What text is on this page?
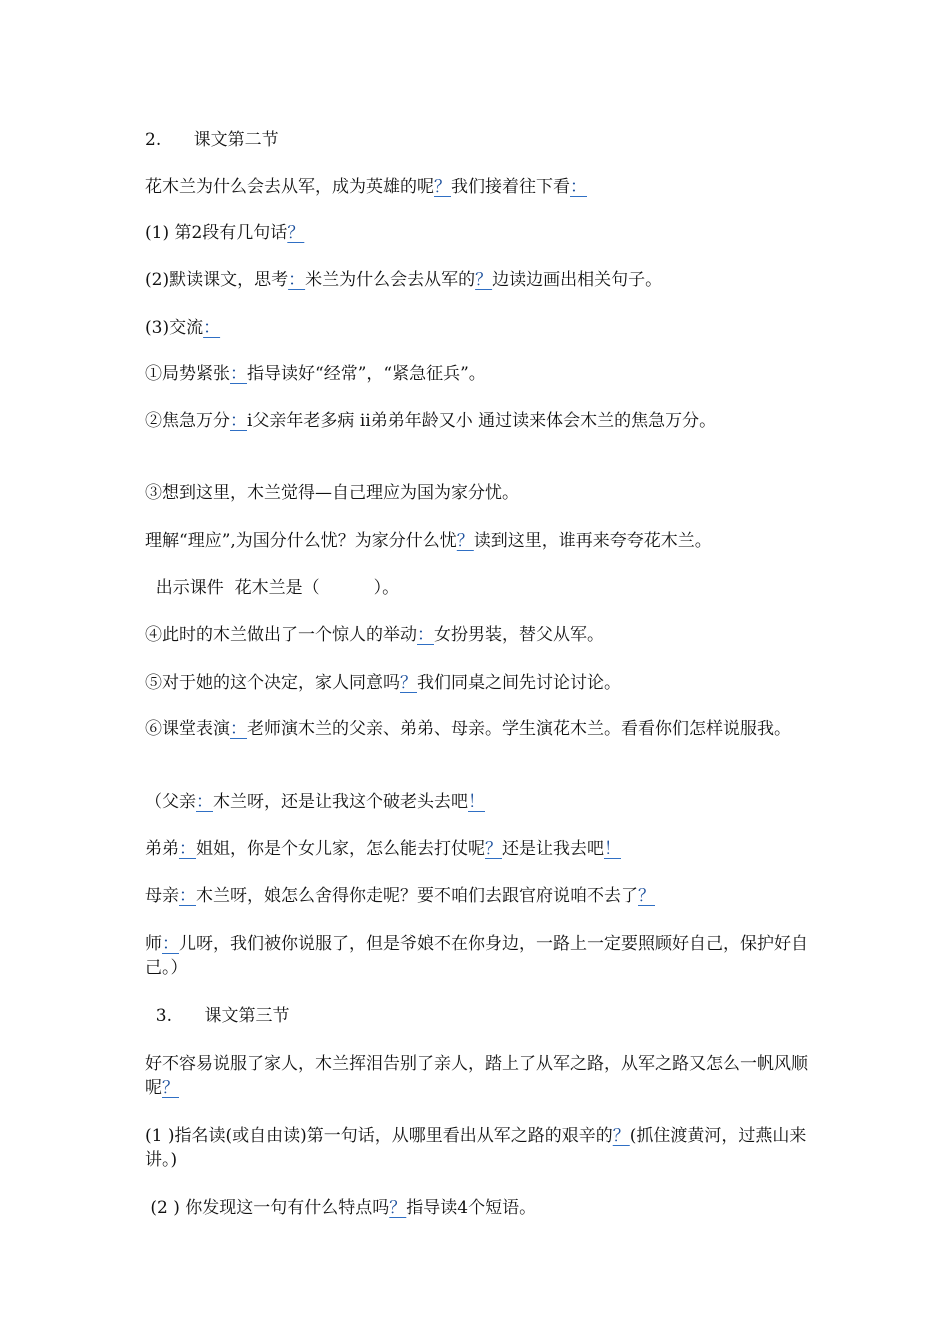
2.      课文第二节
花木兰为什么会去从军，成为英雄的呢？我们接着往下看：
(1) 第2段有几句话？
(2)默读课文，思考：米兰为什么会去从军的？边读边画出相关句子。
(3)交流：
①局势紧张：指导读好“经常”，“紧急征兵”。
②焦急万分：ⅰ父亲年老多病 ⅱ弟弟年龄又小 通过读来体会木兰的焦急万分。
③想到这里，木兰觉得—自己理应为国为家分忧。
理解“理应”,为国分什么忧？为家分什么忧？读到这里，谁再来夸夸花木兰。
出示课件  花木兰是（          ）。
④此时的木兰做出了一个惊人的举动：女扮男装，替父从军。
⑤对于她的这个决定，家人同意吗？我们同桌之间先讨论讨论。
⑥课堂表演：老师演木兰的父亲、弟弟、母亲。学生演花木兰。看看你们怎样说服我。
（父亲：木兰呀，还是让我这个破老头去吧！
弟弟：姐姐，你是个女儿家，怎么能去打仗呢？还是让我去吧！
母亲：木兰呀，娘怎么舍得你走呢？要不咱们去跟官府说咱不去了？
师：儿呀，我们被你说服了，但是爷娘不在你身边，一路上一定要照顾好自己，保护好自己。）
3.      课文第三节
好不容易说服了家人，木兰挥泪告别了亲人，踏上了从军之路，从军之路又怎么一帆风顺呢？
(1 )指名读(或自由读)第一句话，从哪里看出从军之路的艰辛的？(抓住渡黄河，过燕山来讲。)
(2 ) 你发现这一句有什么特点吗？指导读4个短语。
